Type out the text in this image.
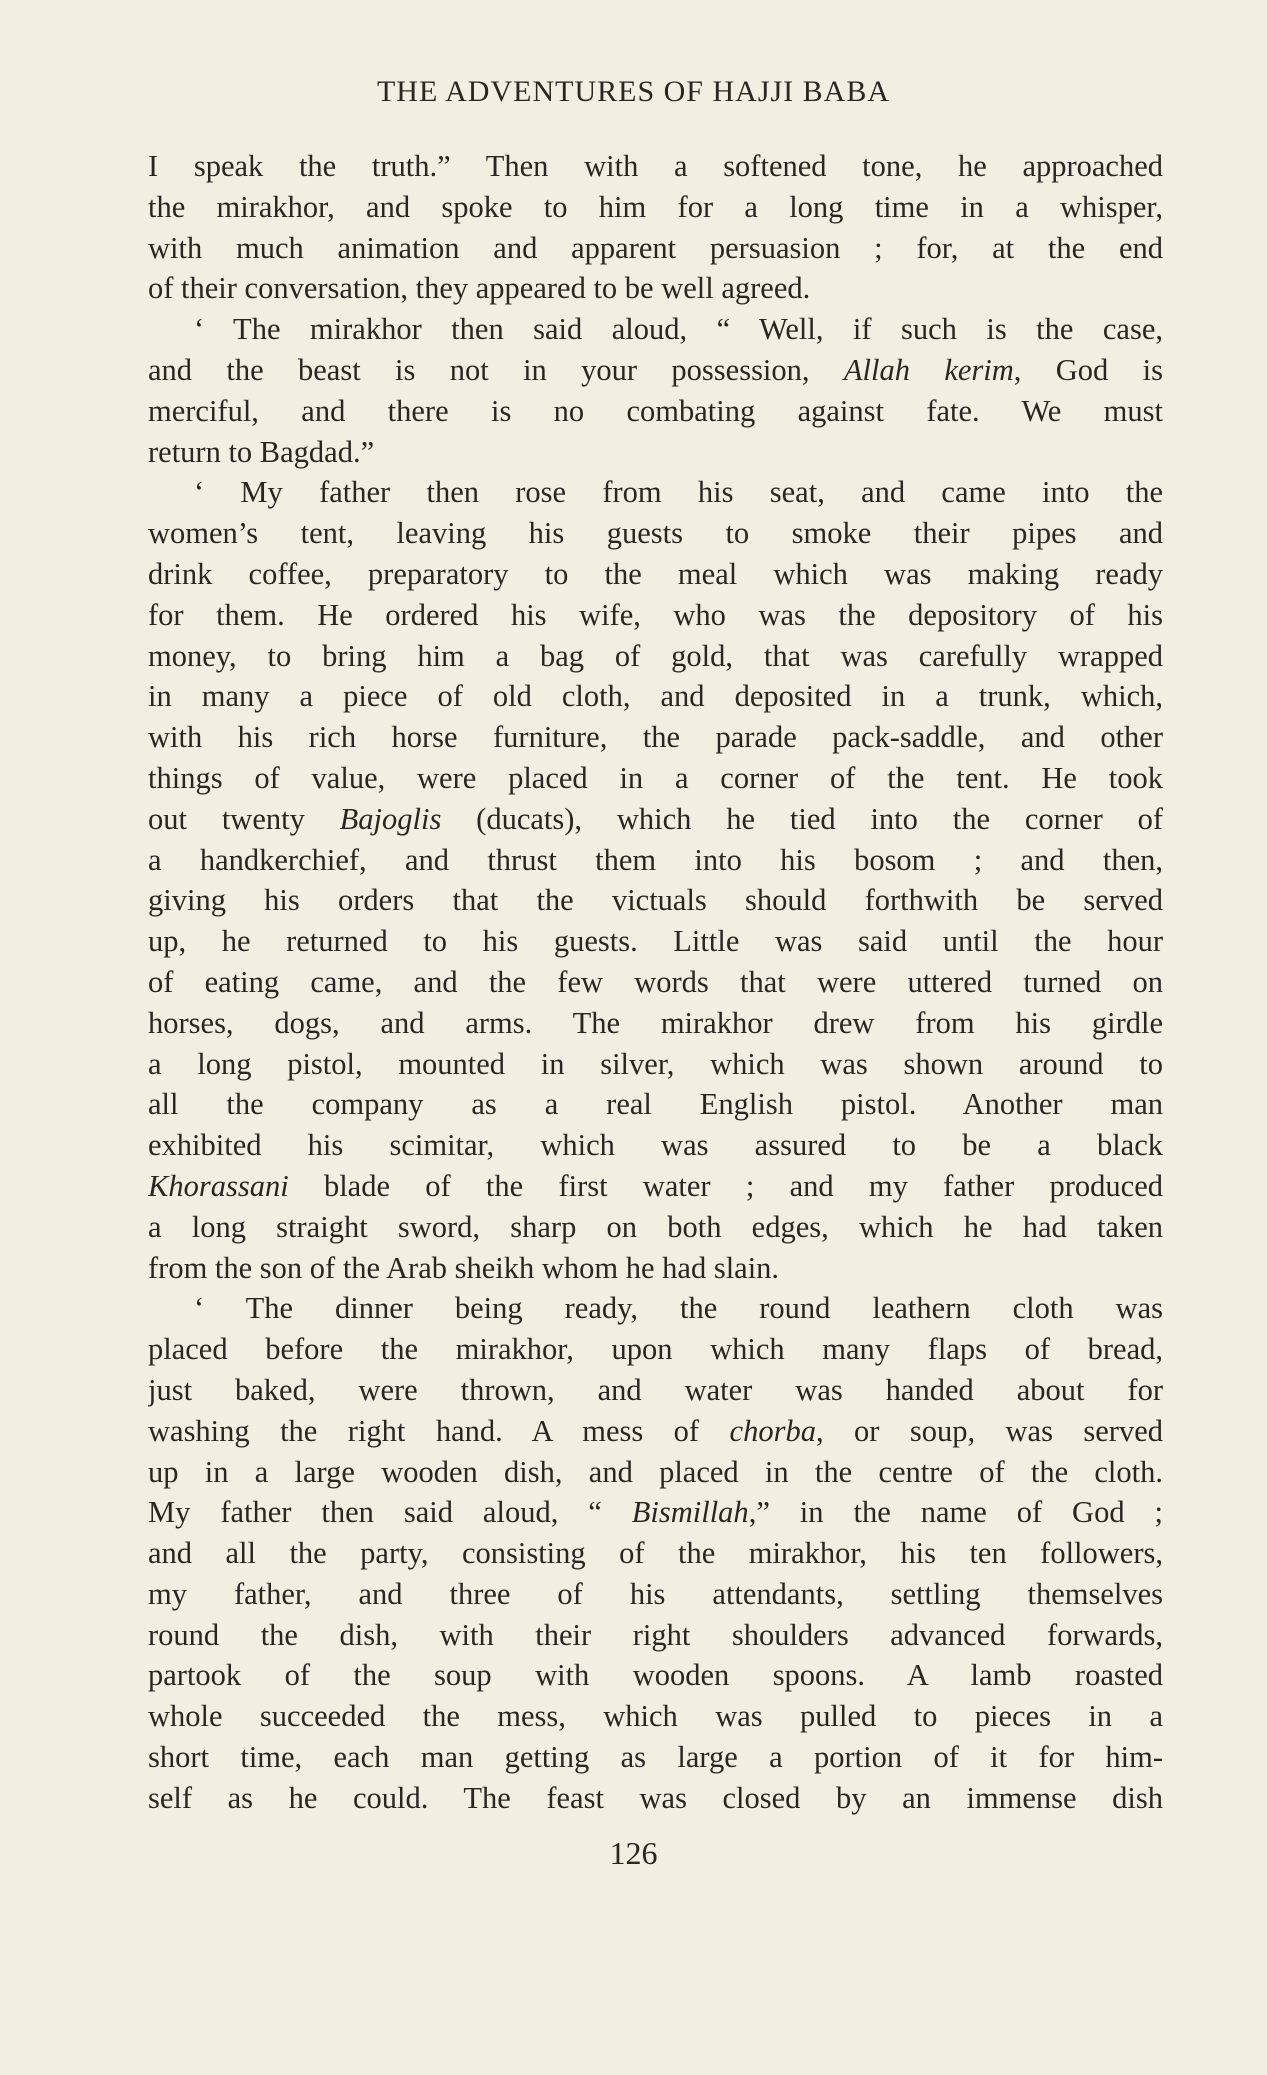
THE ADVENTURES OF HAJJI BABA
I speak the truth.” Then with a softened tone, he approached
the mirakhor, and spoke to him for a long time in a whisper,
with much animation and apparent persuasion ; for, at the end
of their conversation, they appeared to be well agreed.
‘ The mirakhor then said aloud, “ Well, if such is the case,
and the beast is not in your possession, Allah kerim, God is
merciful, and there is no combating against fate. We must
return to Bagdad.”
‘ My father then rose from his seat, and came into the
women’s tent, leaving his guests to smoke their pipes and
drink coffee, preparatory to the meal which was making ready
for them. He ordered his wife, who was the depository of his
money, to bring him a bag of gold, that was carefully wrapped
in many a piece of old cloth, and deposited in a trunk, which,
with his rich horse furniture, the parade pack-saddle, and other
things of value, were placed in a corner of the tent. He took
out twenty Bajoglis (ducats), which he tied into the corner of
a handkerchief, and thrust them into his bosom ; and then,
giving his orders that the victuals should forthwith be served
up, he returned to his guests. Little was said until the hour
of eating came, and the few words that were uttered turned on
horses, dogs, and arms. The mirakhor drew from his girdle
a long pistol, mounted in silver, which was shown around to
all the company as a real English pistol. Another man
exhibited his scimitar, which was assured to be a black
Khorassani blade of the first water ; and my father produced
a long straight sword, sharp on both edges, which he had taken
from the son of the Arab sheikh whom he had slain.
‘ The dinner being ready, the round leathern cloth was
placed before the mirakhor, upon which many flaps of bread,
just baked, were thrown, and water was handed about for
washing the right hand. A mess of chorba, or soup, was served
up in a large wooden dish, and placed in the centre of the cloth.
My father then said aloud, “ Bismillah,” in the name of God ;
and all the party, consisting of the mirakhor, his ten followers,
my father, and three of his attendants, settling themselves
round the dish, with their right shoulders advanced forwards,
partook of the soup with wooden spoons. A lamb roasted
whole succeeded the mess, which was pulled to pieces in a
short time, each man getting as large a portion of it for him-
self as he could. The feast was closed by an immense dish
126
